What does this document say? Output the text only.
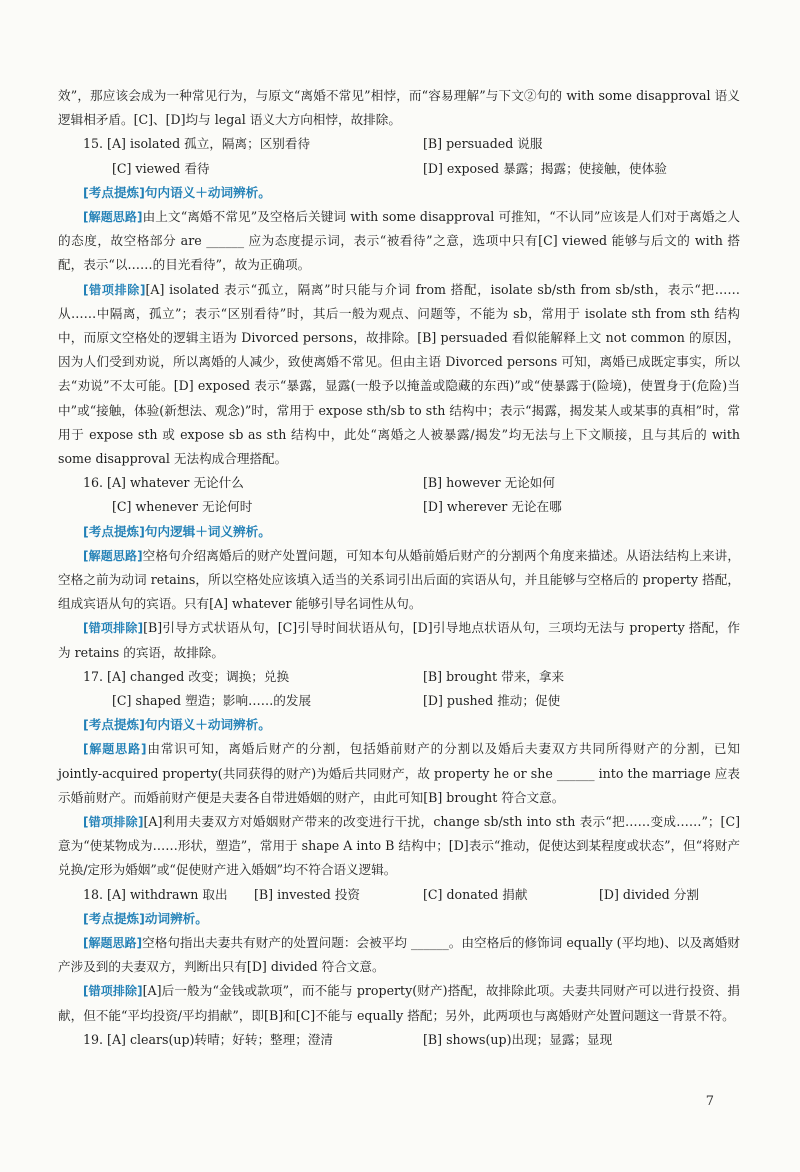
效”，那应该会成为一种常见行为，与原文“离婚不常见”相悖，而“容易理解”与下文②句的 with some disapproval 语义逻辑相矛盾。[C]、[D]均与 legal 语义大方向相悖，故排除。

15. [A] isolated 孤立，隔离；区别看待	[B] persuaded 说服
[C] viewed 看待	[D] exposed 暴露；揭露；使接触，使体验

[考点提炼]句内语义＋动词辨析。

[解题思路]由上文“离婚不常见”及空格后关键词 with some disapproval 可推知，“不认同”应该是人们对于离婚之人的态度，故空格部分 are ______ 应为态度提示词，表示“被看待”之意，选项中只有[C] viewed 能够与后文的 with 搭配，表示“以……的目光看待”，故为正确项。

[错项排除][A] isolated 表示“孤立，隔离”时只能与介词 from 搭配，isolate sb/sth from sb/sth，表示“把……从……中隔离，孤立”；表示“区别看待”时，其后一般为观点、问题等，不能为 sb，常用于 isolate sth from sth 结构中，而原文空格处的逻辑主语为 Divorced persons，故排除。[B] persuaded 看似能解释上文 not common 的原因，因为人们受到劝说，所以离婚的人减少，致使离婚不常见。但由主语 Divorced persons 可知，离婚已成既定事实，所以去“劝说”不太可能。[D] exposed 表示“暴露，显露(一般予以掩盖或隐藏的东西)”或“使暴露于(险境)，使置身于(危险)当中”或“接触，体验(新想法、观念)”时，常用于 expose sth/sb to sth 结构中；表示“揭露，揭发某人或某事的真相”时，常用于 expose sth 或 expose sb as sth 结构中，此处“离婚之人被暴露/揭发”均无法与上下文顺接，且与其后的 with some disapproval 无法构成合理搭配。

16. [A] whatever 无论什么	[B] however 无论如何
[C] whenever 无论何时	[D] wherever 无论在哪

[考点提炼]句内逻辑＋词义辨析。

[解题思路]空格句介绍离婚后的财产处置问题，可知本句从婚前婚后财产的分割两个角度来描述。从语法结构上来讲，空格之前为动词 retains，所以空格处应该填入适当的关系词引出后面的宾语从句，并且能够与空格后的 property 搭配，组成宾语从句的宾语。只有[A] whatever 能够引导名词性从句。

[错项排除][B]引导方式状语从句，[C]引导时间状语从句，[D]引导地点状语从句，三项均无法与 property 搭配，作为 retains 的宾语，故排除。

17. [A] changed 改变；调换；兑换	[B] brought 带来，拿来
[C] shaped 塑造；影响……的发展	[D] pushed 推动；促使

[考点提炼]句内语义＋动词辨析。

[解题思路]由常识可知，离婚后财产的分割，包括婚前财产的分割以及婚后夫妻双方共同所得财产的分割，已知 jointly-acquired property(共同获得的财产)为婚后共同财产，故 property he or she ______ into the marriage 应表示婚前财产。而婚前财产便是夫妻各自带进婚姻的财产，由此可知[B] brought 符合文意。

[错项排除][A]利用夫妻双方对婚姻财产带来的改变进行干扰，change sb/sth into sth 表示“把……变成……”；[C]意为“使某物成为……形状，塑造”，常用于 shape A into B 结构中；[D]表示“推动，促使达到某程度或状态”，但“将财产兑换/定形为婚姻”或“促使财产进入婚姻”均不符合语义逻辑。

18. [A] withdrawn 取出 [B] invested 投资	[C] donated 捐献	[D] divided 分割

[考点提炼]动词辨析。

[解题思路]空格句指出夫妻共有财产的处置问题：会被平均 ______。由空格后的修饰词 equally (平均地)、以及离婚财产涉及到的夫妻双方，判断出只有[D] divided 符合文意。

[错项排除][A]后一般为“金钱或款项”，而不能与 property(财产)搭配，故排除此项。夫妻共同财产可以进行投资、捐献，但不能“平均投资/平均捐献”，即[B]和[C]不能与 equally 搭配；另外，此两项也与离婚财产处置问题这一背景不符。

19. [A] clears(up)转晴；好转；整理；澄清	[B] shows(up)出现；显露；显现
7
